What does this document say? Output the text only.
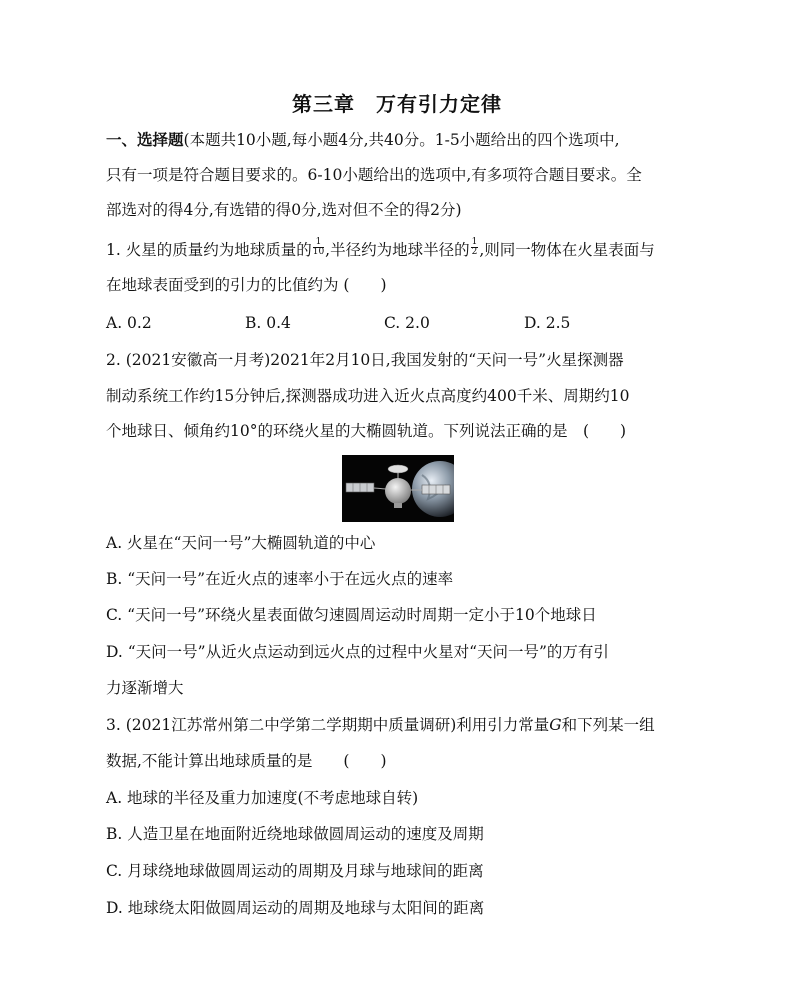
第三章　万有引力定律
一、选择题(本题共10小题,每小题4分,共40分。1-5小题给出的四个选项中,
只有一项是符合题目要求的。6-10小题给出的选项中,有多项符合题目要求。全
部选对的得4分,有选错的得0分,选对但不全的得2分)
1. 火星的质量约为地球质量的 $\frac{1}{10}$ ,半径约为地球半径的 $\frac{1}{2}$ ,则同一物体在火星表面与
在地球表面受到的引力的比值约为 (　　)
A. 0.2	B. 0.4	C. 2.0	D. 2.5
2. (2021安徽高一月考)2021年2月10日,我国发射的“天问一号”火星探测器
制动系统工作约15分钟后,探测器成功进入近火点高度约400千米、周期约10
个地球日、倾角约10°的环绕火星的大椭圆轨道。下列说法正确的是　(　　)
A. 火星在“天问一号”大椭圆轨道的中心
B. “天问一号”在近火点的速率小于在远火点的速率
C. “天问一号”环绕火星表面做匀速圆周运动时周期一定小于10个地球日
D. “天问一号”从近火点运动到远火点的过程中火星对“天问一号”的万有引
力逐渐增大
3. (2021江苏常州第二中学第二学期期中质量调研)利用引力常量G和下列某一组
数据,不能计算出地球质量的是　　(　　)
A. 地球的半径及重力加速度(不考虑地球自转)
B. 人造卫星在地面附近绕地球做圆周运动的速度及周期
C. 月球绕地球做圆周运动的周期及月球与地球间的距离
D. 地球绕太阳做圆周运动的周期及地球与太阳间的距离
